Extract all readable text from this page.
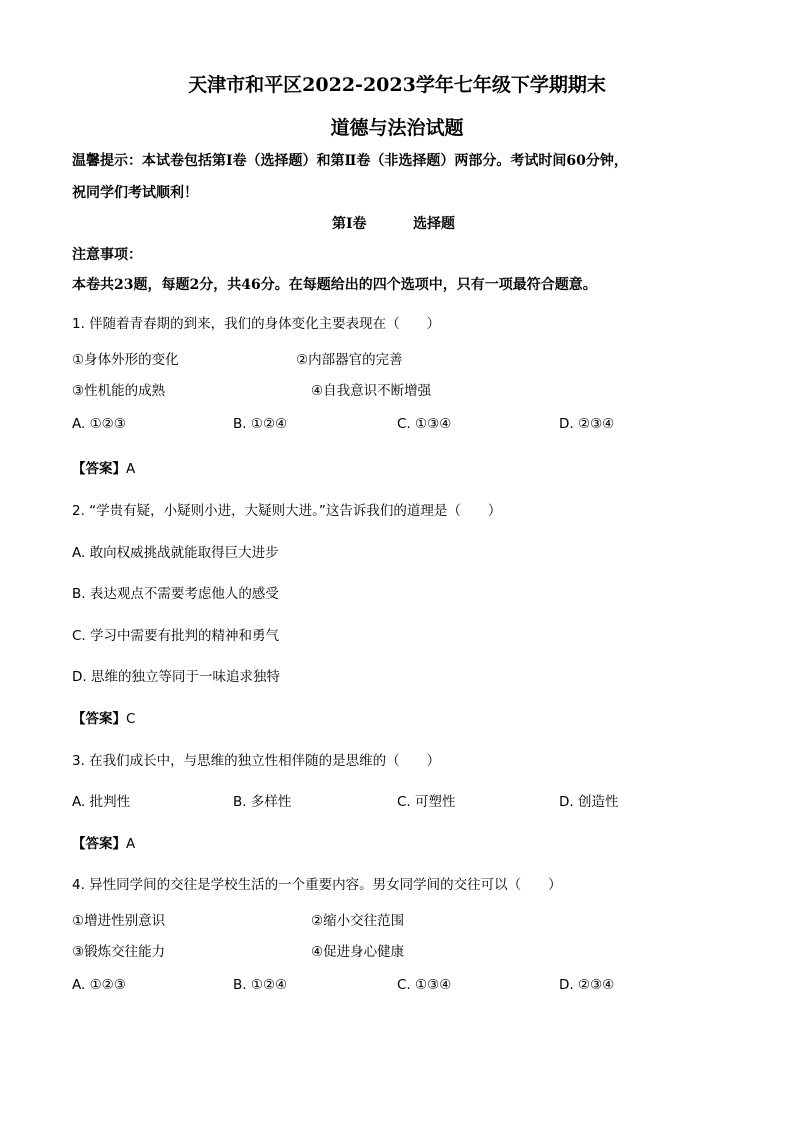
天津市和平区2022-2023学年七年级下学期期末
道德与法治试题
温馨提示：本试卷包括第Ⅰ卷（选择题）和第Ⅱ卷（非选择题）两部分。考试时间60分钟，
祝同学们考试顺利！
第Ⅰ卷	选择题
注意事项：
本卷共23题，每题2分，共46分。在每题给出的四个选项中，只有一项最符合题意。
1. 伴随着青春期的到来，我们的身体变化主要表现在（　　）
①身体外形的变化	②内部器官的完善
③性机能的成熟	④自我意识不断增强
A. ①②③	B. ①②④	C. ①③④	D. ②③④
【答案】A
2. “学贵有疑，小疑则小进，大疑则大进。”这告诉我们的道理是（　　）
A. 敢向权威挑战就能取得巨大进步
B. 表达观点不需要考虑他人的感受
C. 学习中需要有批判的精神和勇气
D. 思维的独立等同于一味追求独特
【答案】C
3. 在我们成长中，与思维的独立性相伴随的是思维的（　　）
A. 批判性	B. 多样性	C. 可塑性	D. 创造性
【答案】A
4. 异性同学间的交往是学校生活的一个重要内容。男女同学间的交往可以（　　）
①增进性别意识	②缩小交往范围
③锻炼交往能力	④促进身心健康
A. ①②③	B. ①②④	C. ①③④	D. ②③④
